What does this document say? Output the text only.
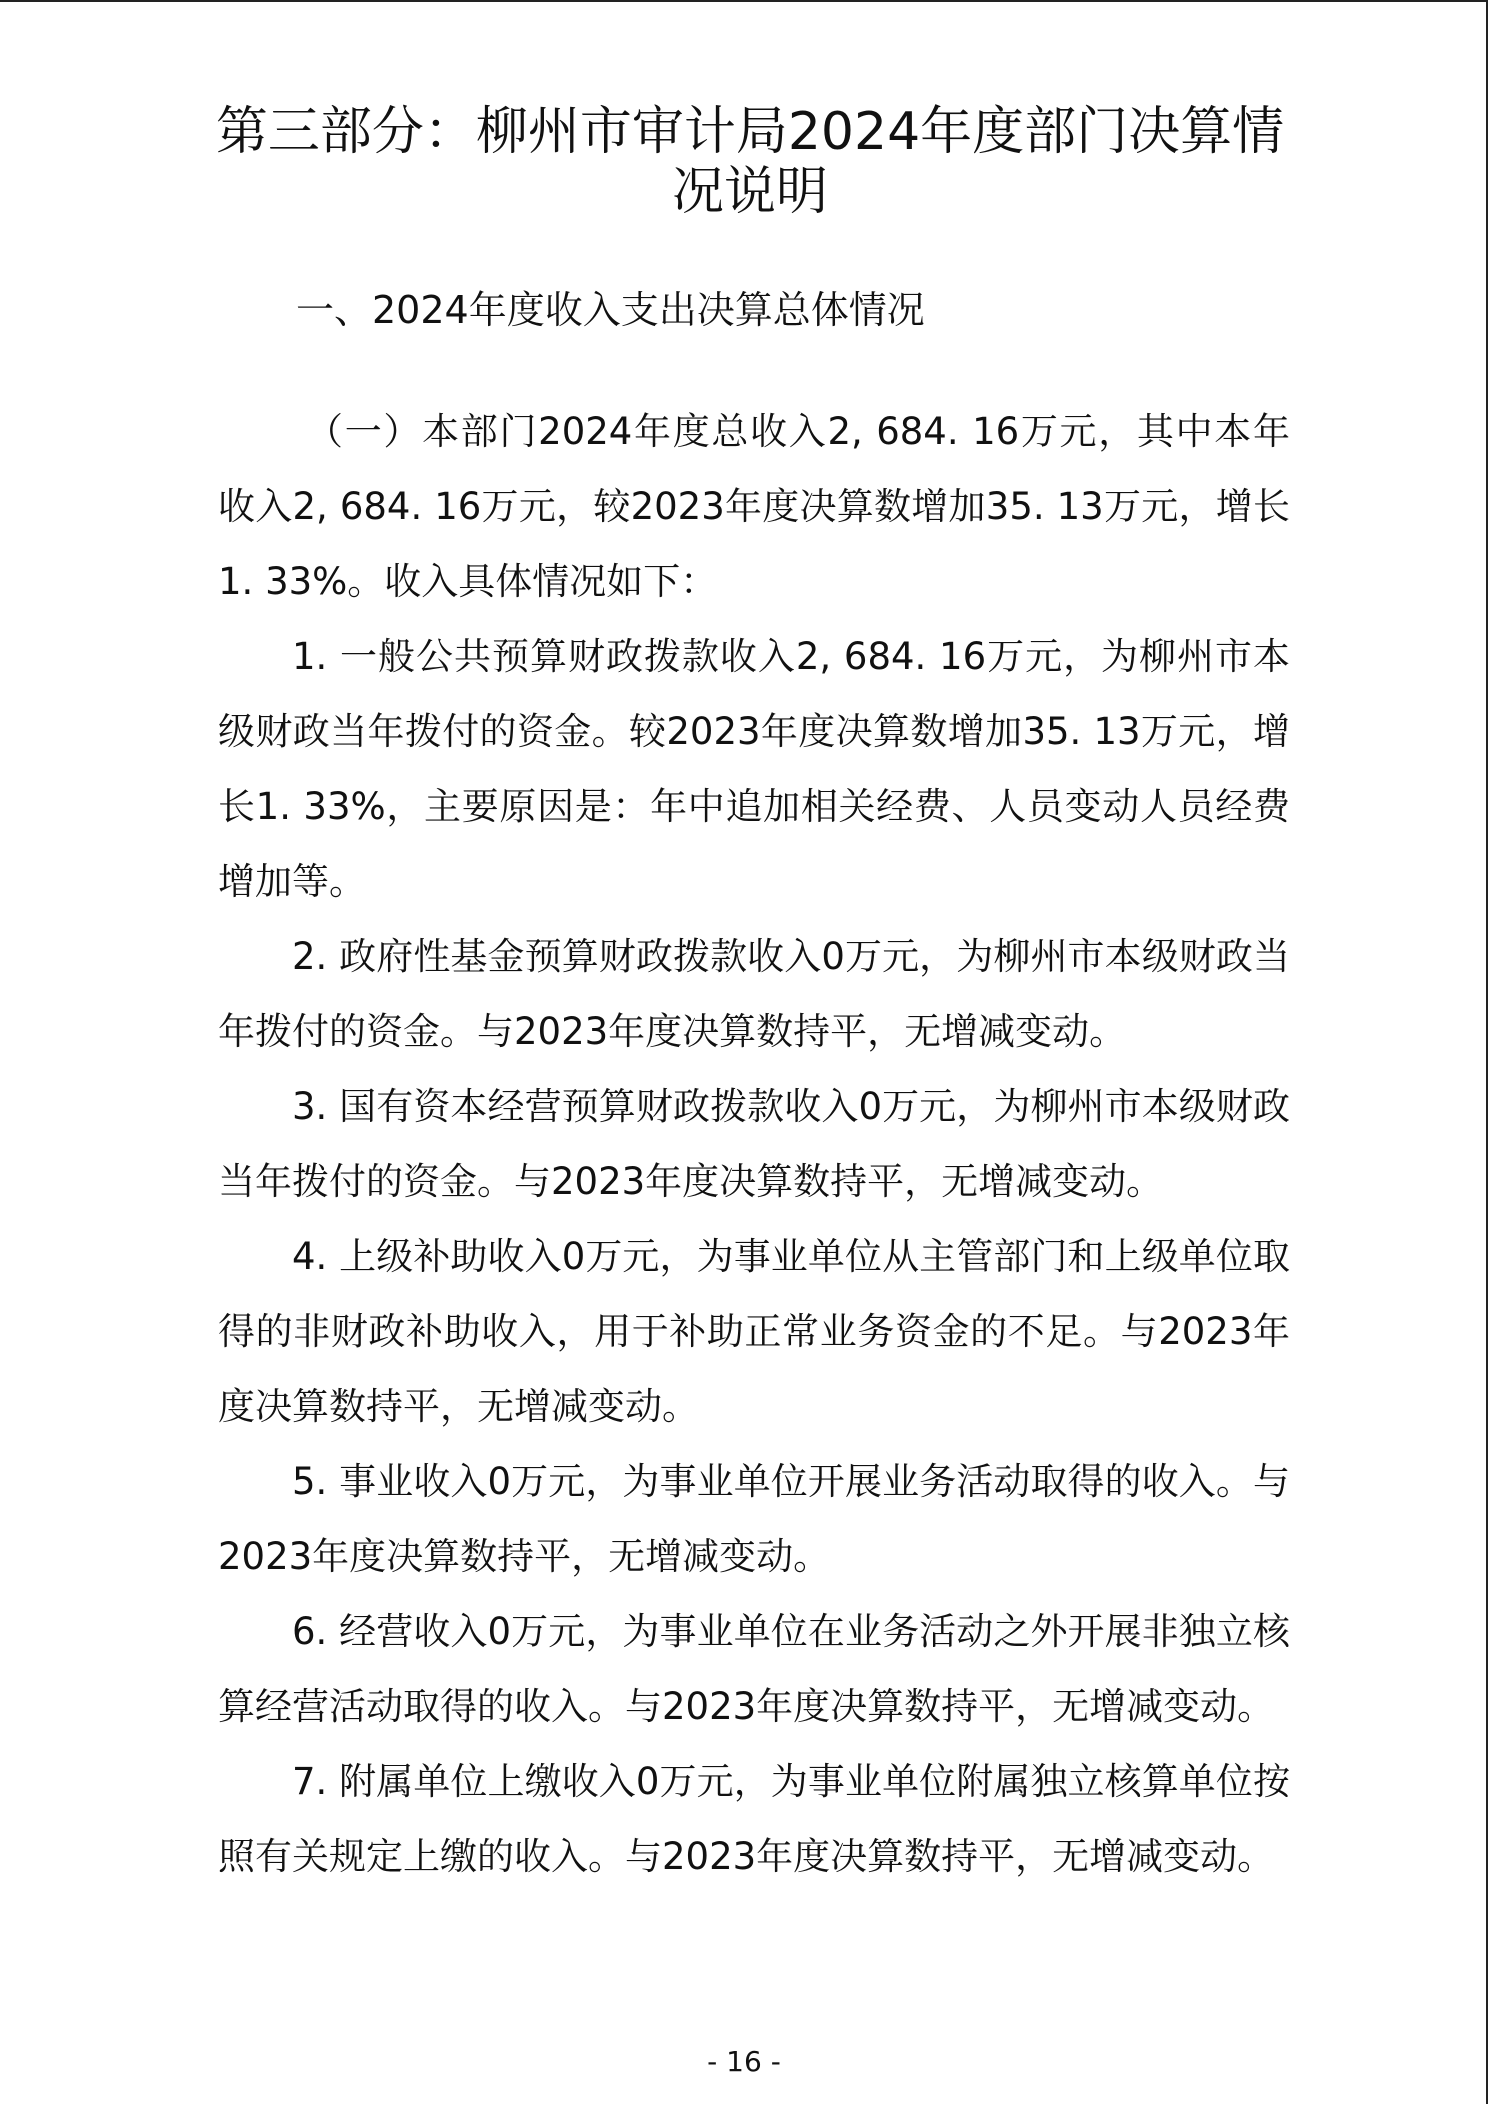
第三部分：柳州市审计局2024年度部门决算情况说明
一、2024年度收入支出决算总体情况

（一）本部门2024年度总收入2, 684. 16万元，其中本年收入2, 684. 16万元，较2023年度决算数增加35. 13万元，增长1. 33%。收入具体情况如下：

1. 一般公共预算财政拨款收入2, 684. 16万元，为柳州市本级财政当年拨付的资金。较2023年度决算数增加35. 13万元，增长1. 33%，主要原因是：年中追加相关经费、人员变动人员经费增加等。

2. 政府性基金预算财政拨款收入0万元，为柳州市本级财政当年拨付的资金。与2023年度决算数持平，无增减变动。

3. 国有资本经营预算财政拨款收入0万元，为柳州市本级财政当年拨付的资金。与2023年度决算数持平，无增减变动。

4. 上级补助收入0万元，为事业单位从主管部门和上级单位取得的非财政补助收入，用于补助正常业务资金的不足。与2023年度决算数持平，无增减变动。

5. 事业收入0万元，为事业单位开展业务活动取得的收入。与2023年度决算数持平，无增减变动。

6. 经营收入0万元，为事业单位在业务活动之外开展非独立核算经营活动取得的收入。与2023年度决算数持平，无增减变动。

7. 附属单位上缴收入0万元，为事业单位附属独立核算单位按照有关规定上缴的收入。与2023年度决算数持平，无增减变动。

- 16 -
